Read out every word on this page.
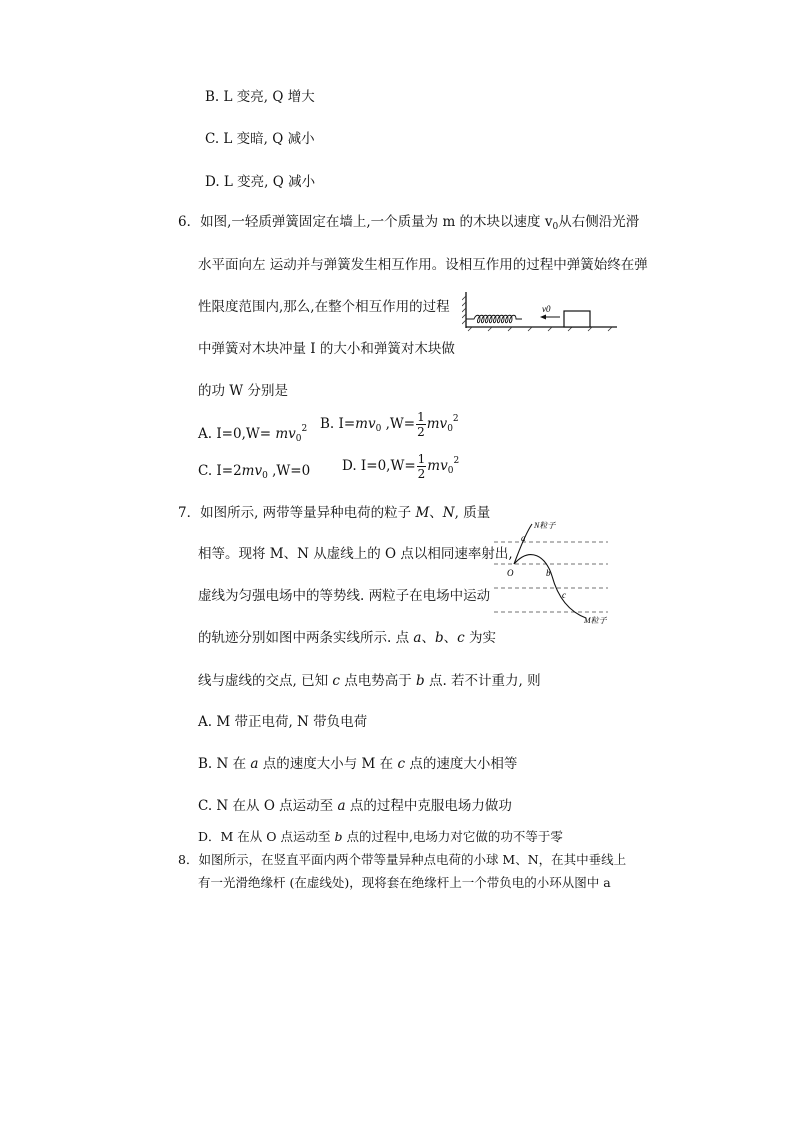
B. L 变亮, Q 增大
C. L 变暗, Q 减小
D. L 变亮, Q 减小
6．如图,一轻质弹簧固定在墙上,一个质量为 m 的木块以速度 $v_0$从右侧沿光滑
水平面向左 运动并与弹簧发生相互作用。设相互作用的过程中弹簧始终在弹
性限度范围内,那么,在整个相互作用的过程
中弹簧对木块冲量 I 的大小和弹簧对木块做
的功 W 分别是
v0
A. $I=0,W= mv_0^2$ B. $I=mv_0$ $,W= \frac{1}{2} mv_0^2$
C. $I=2mv_0$ ,W=0 D. $I=0,W= \frac{1}{2} mv_0^2$
7．如图所示, 两带等量异种电荷的粒子 M、N, 质量
相等。现将 M、N 从虚线上的 O 点以相同速率射出,
虚线为匀强电场中的等势线. 两粒子在电场中运动
的轨迹分别如图中两条实线所示. 点 a、b、c 为实
线与虚线的交点, 已知 c 点电势高于 b 点. 若不计重力, 则
N粒子
M粒子
O
a
b
c
A. M 带正电荷, N 带负电荷
B. N 在 a 点的速度大小与 M 在 c 点的速度大小相等
C. N 在从 O 点运动至 a 点的过程中克服电场力做功
D．M 在从 O 点运动至 b 点的过程中,电场力对它做的功不等于零
8．如图所示，在竖直平面内两个带等量异种点电荷的小球 M、N，在其中垂线上
有一光滑绝缘杆 (在虚线处)，现将套在绝缘杆上一个带负电的小环从图中 a
